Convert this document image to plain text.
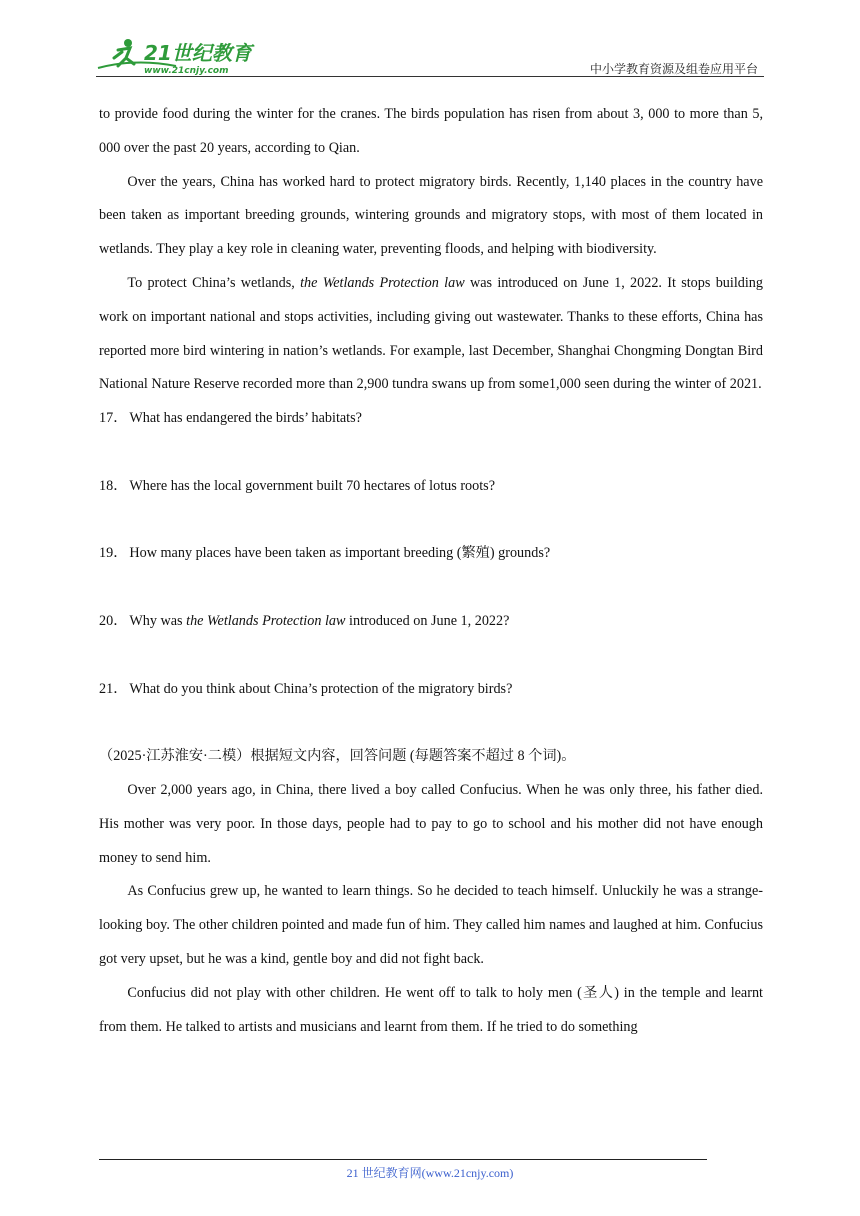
21世纪教育
www.21cnjy.com	中小学教育资源及组卷应用平台

to provide food during the winter for the cranes. The birds population has risen from about 3, 000 to more than 5, 000 over the past 20 years, according to Qian.

Over the years, China has worked hard to protect migratory birds. Recently, 1,140 places in the country have been taken as important breeding grounds, wintering grounds and migratory stops, with most of them located in wetlands. They play a key role in cleaning water, preventing floods, and helping with biodiversity.

To protect China’s wetlands, the Wetlands Protection law was introduced on June 1, 2022. It stops building work on important national and stops activities, including giving out wastewater. Thanks to these efforts, China has reported more bird wintering in nation’s wetlands. For example, last December, Shanghai Chongming Dongtan Bird National Nature Reserve recorded more than 2,900 tundra swans up from some1,000 seen during the winter of 2021.

17． What has endangered the birds’ habitats?
18． Where has the local government built 70 hectares of lotus roots?
19． How many places have been taken as important breeding (繁殖) grounds?
20． Why was the Wetlands Protection law introduced on June 1, 2022?
21． What do you think about China’s protection of the migratory birds?

（2025·江苏淮安·二模）根据短文内容，回答问题 (每题答案不超过 8 个词)。

Over 2,000 years ago, in China, there lived a boy called Confucius. When he was only three, his father died. His mother was very poor. In those days, people had to pay to go to school and his mother did not have enough money to send him.

As Confucius grew up, he wanted to learn things. So he decided to teach himself. Unluckily he was a strange-looking boy. The other children pointed and made fun of him. They called him names and laughed at him. Confucius got very upset, but he was a kind, gentle boy and did not fight back.

Confucius did not play with other children. He went off to talk to holy men (圣人) in the temple and learnt from them. He talked to artists and musicians and learnt from them. If he tried to do something

21 世纪教育网(www.21cnjy.com)
